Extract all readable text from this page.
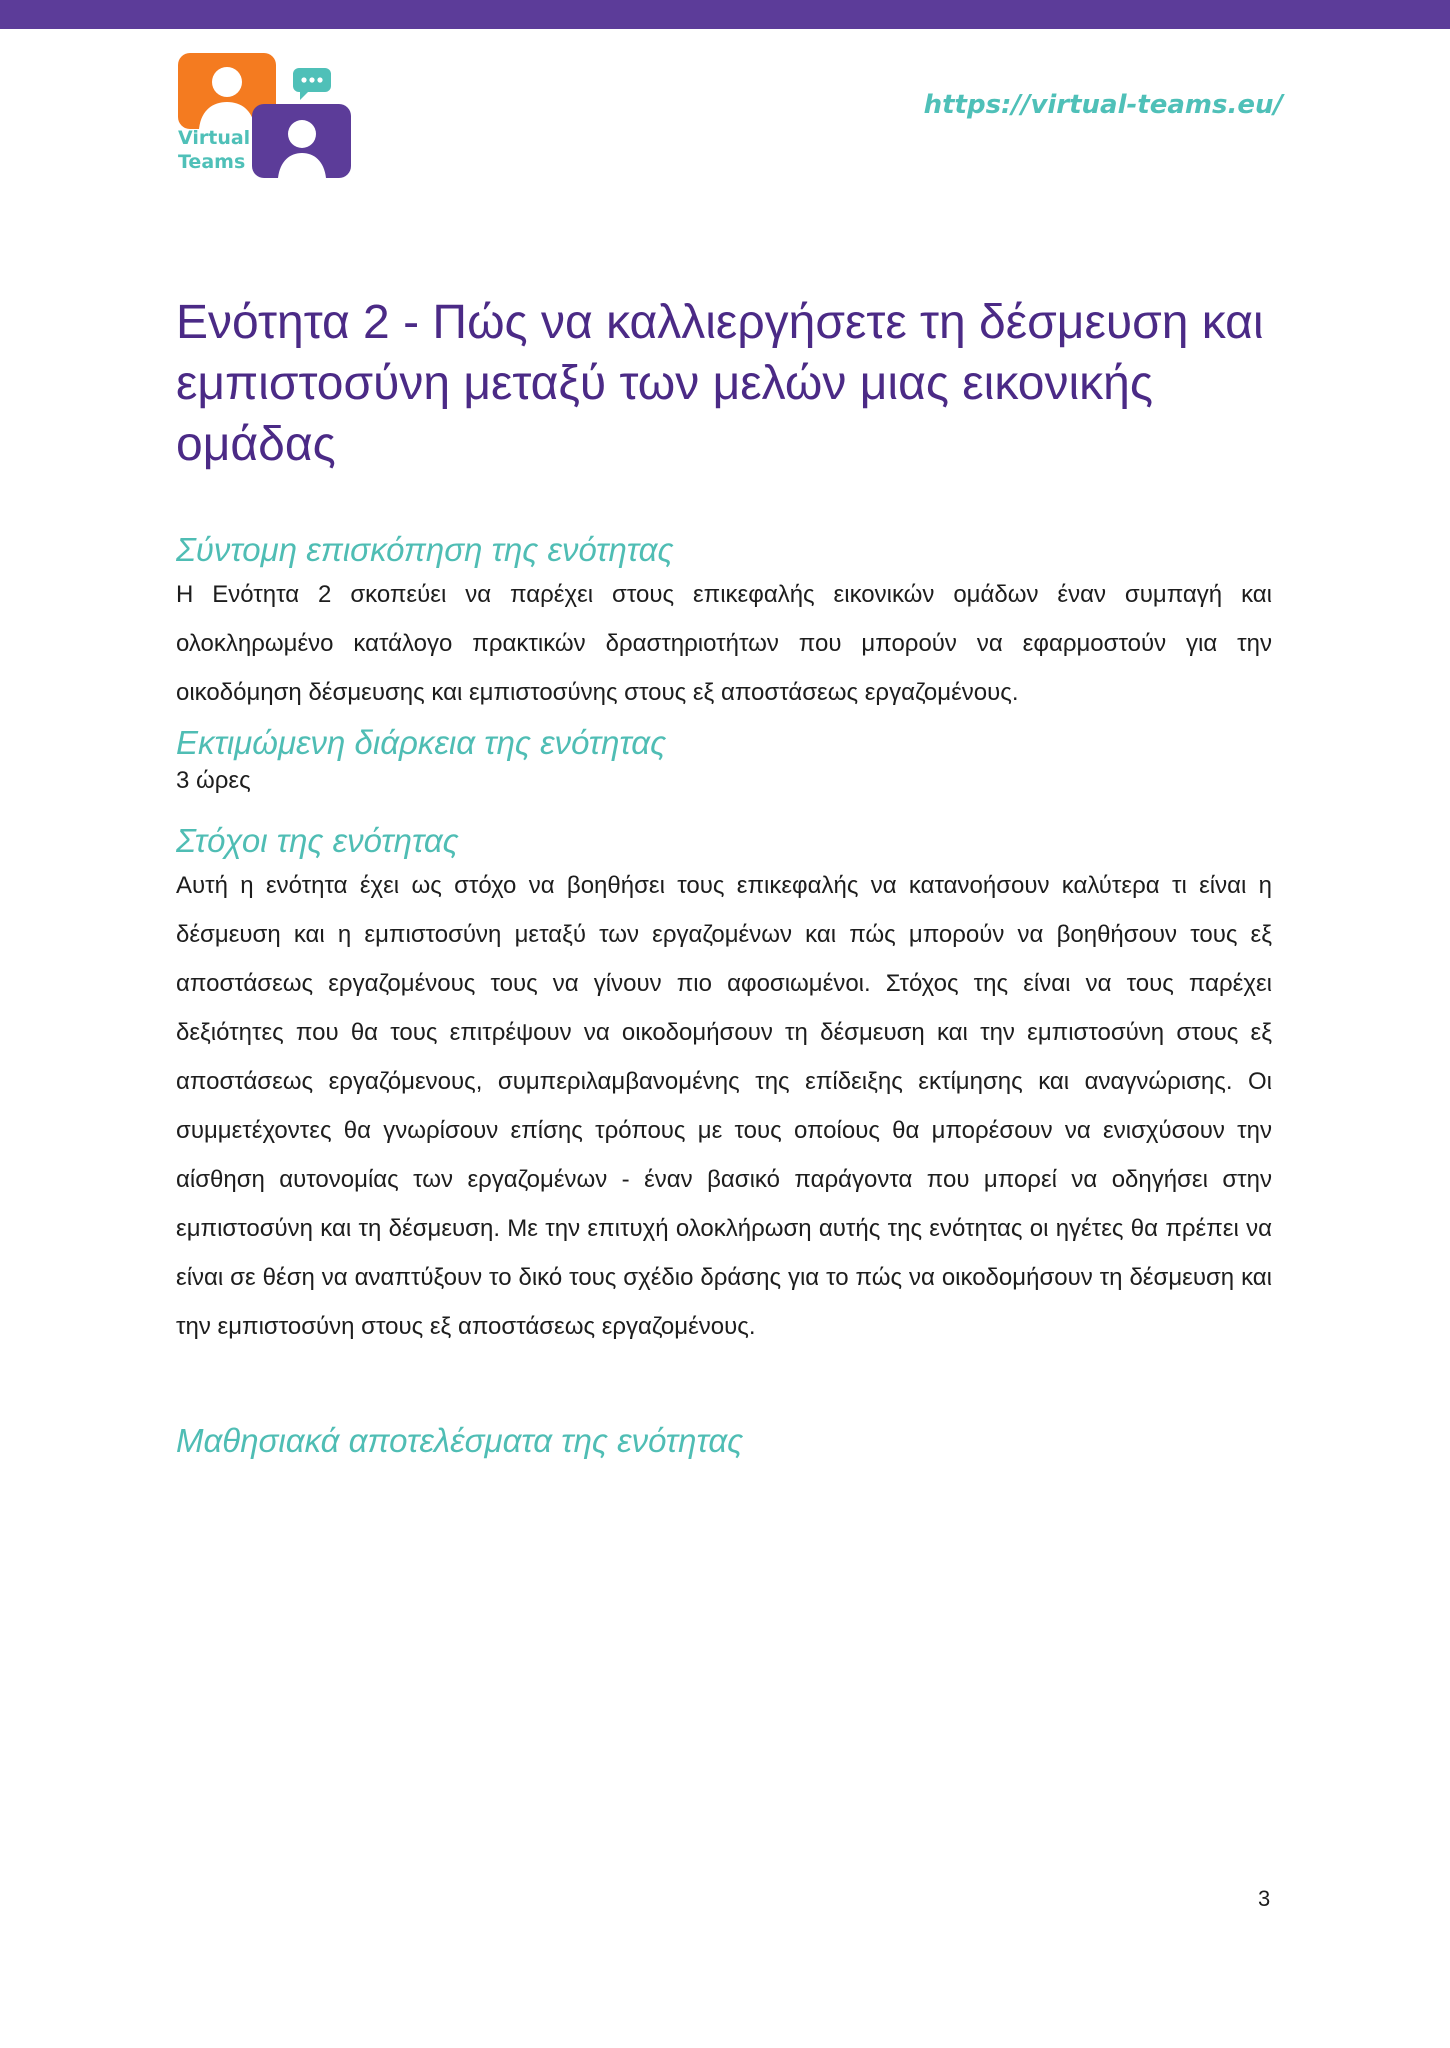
Virtual
Teams
https://virtual-teams.eu/
Ενότητα 2 - Πώς να καλλιεργήσετε τη δέσμευση και εμπιστοσύνη μεταξύ των μελών μιας εικονικής ομάδας
Σύντομη επισκόπηση της ενότητας

Η Ενότητα 2 σκοπεύει να παρέχει στους επικεφαλής εικονικών ομάδων έναν συμπαγή και ολοκληρωμένο κατάλογο πρακτικών δραστηριοτήτων που μπορούν να εφαρμοστούν για την οικοδόμηση δέσμευσης και εμπιστοσύνης στους εξ αποστάσεως εργαζομένους.

Εκτιμώμενη διάρκεια της ενότητας

3 ώρες

Στόχοι της ενότητας

Αυτή η ενότητα έχει ως στόχο να βοηθήσει τους επικεφαλής να κατανοήσουν καλύτερα τι είναι η δέσμευση και η εμπιστοσύνη μεταξύ των εργαζομένων και πώς μπορούν να βοηθήσουν τους εξ αποστάσεως εργαζομένους τους να γίνουν πιο αφοσιωμένοι. Στόχος της είναι να τους παρέχει δεξιότητες που θα τους επιτρέψουν να οικοδομήσουν τη δέσμευση και την εμπιστοσύνη στους εξ αποστάσεως εργαζόμενους, συμπεριλαμβανομένης της επίδειξης εκτίμησης και αναγνώρισης. Οι συμμετέχοντες θα γνωρίσουν επίσης τρόπους με τους οποίους θα μπορέσουν να ενισχύσουν την αίσθηση αυτονομίας των εργαζομένων - έναν βασικό παράγοντα που μπορεί να οδηγήσει στην εμπιστοσύνη και τη δέσμευση. Με την επιτυχή ολοκλήρωση αυτής της ενότητας οι ηγέτες θα πρέπει να είναι σε θέση να αναπτύξουν το δικό τους σχέδιο δράσης για το πώς να οικοδομήσουν τη δέσμευση και την εμπιστοσύνη στους εξ αποστάσεως εργαζομένους.

Μαθησιακά αποτελέσματα της ενότητας
3
